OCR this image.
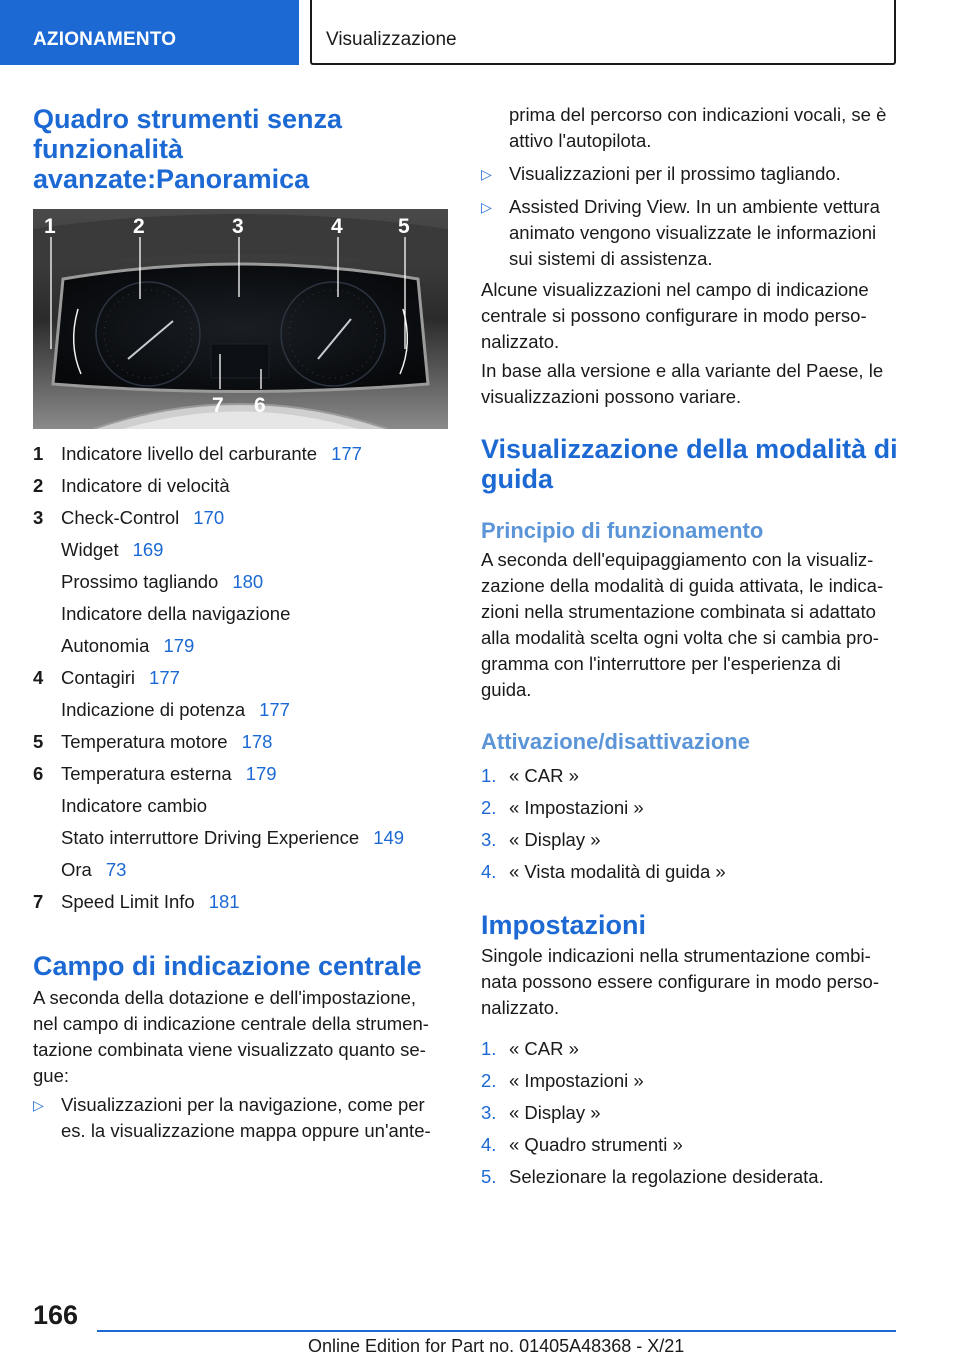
AZIONAMENTO	Visualizzazione
Quadro strumenti senza
funzionalità
avanzate:Panoramica
1	2	3	4	5
7 6
1 Indicatore livello del carburante 177
2 Indicatore di velocità
3 Check-Control 170
Widget 169
Prossimo tagliando 180
Indicatore della navigazione
Autonomia 179
4 Contagiri 177
Indicazione di potenza 177
5 Temperatura motore 178
6 Temperatura esterna 179
Indicatore cambio
Stato interruttore Driving Experience 149
Ora 73
7 Speed Limit Info 181
Campo di indicazione centrale
A seconda della dotazione e dell'impostazione,
nel campo di indicazione centrale della strumen-
tazione combinata viene visualizzato quanto se-
gue:
▷ Visualizzazioni per la navigazione, come per
es. la visualizzazione mappa oppure un'ante-
prima del percorso con indicazioni vocali, se è
attivo l'autopilota.
▷ Visualizzazioni per il prossimo tagliando.
▷ Assisted Driving View. In un ambiente vettura
animato vengono visualizzate le informazioni
sui sistemi di assistenza.
Alcune visualizzazioni nel campo di indicazione
centrale si possono configurare in modo perso-
nalizzato.
In base alla versione e alla variante del Paese, le
visualizzazioni possono variare.
Visualizzazione della modalità di
guida
Principio di funzionamento
A seconda dell'equipaggiamento con la visualiz-
zazione della modalità di guida attivata, le indica-
zioni nella strumentazione combinata si adattato
alla modalità scelta ogni volta che si cambia pro-
gramma con l'interruttore per l'esperienza di
guida.
Attivazione/disattivazione
1. « CAR »
2. « Impostazioni »
3. « Display »
4. « Vista modalità di guida »
Impostazioni
Singole indicazioni nella strumentazione combi-
nata possono essere configurare in modo perso-
nalizzato.
1. « CAR »
2. « Impostazioni »
3. « Display »
4. « Quadro strumenti »
5. Selezionare la regolazione desiderata.
166
Online Edition for Part no. 01405A48368 - X/21
